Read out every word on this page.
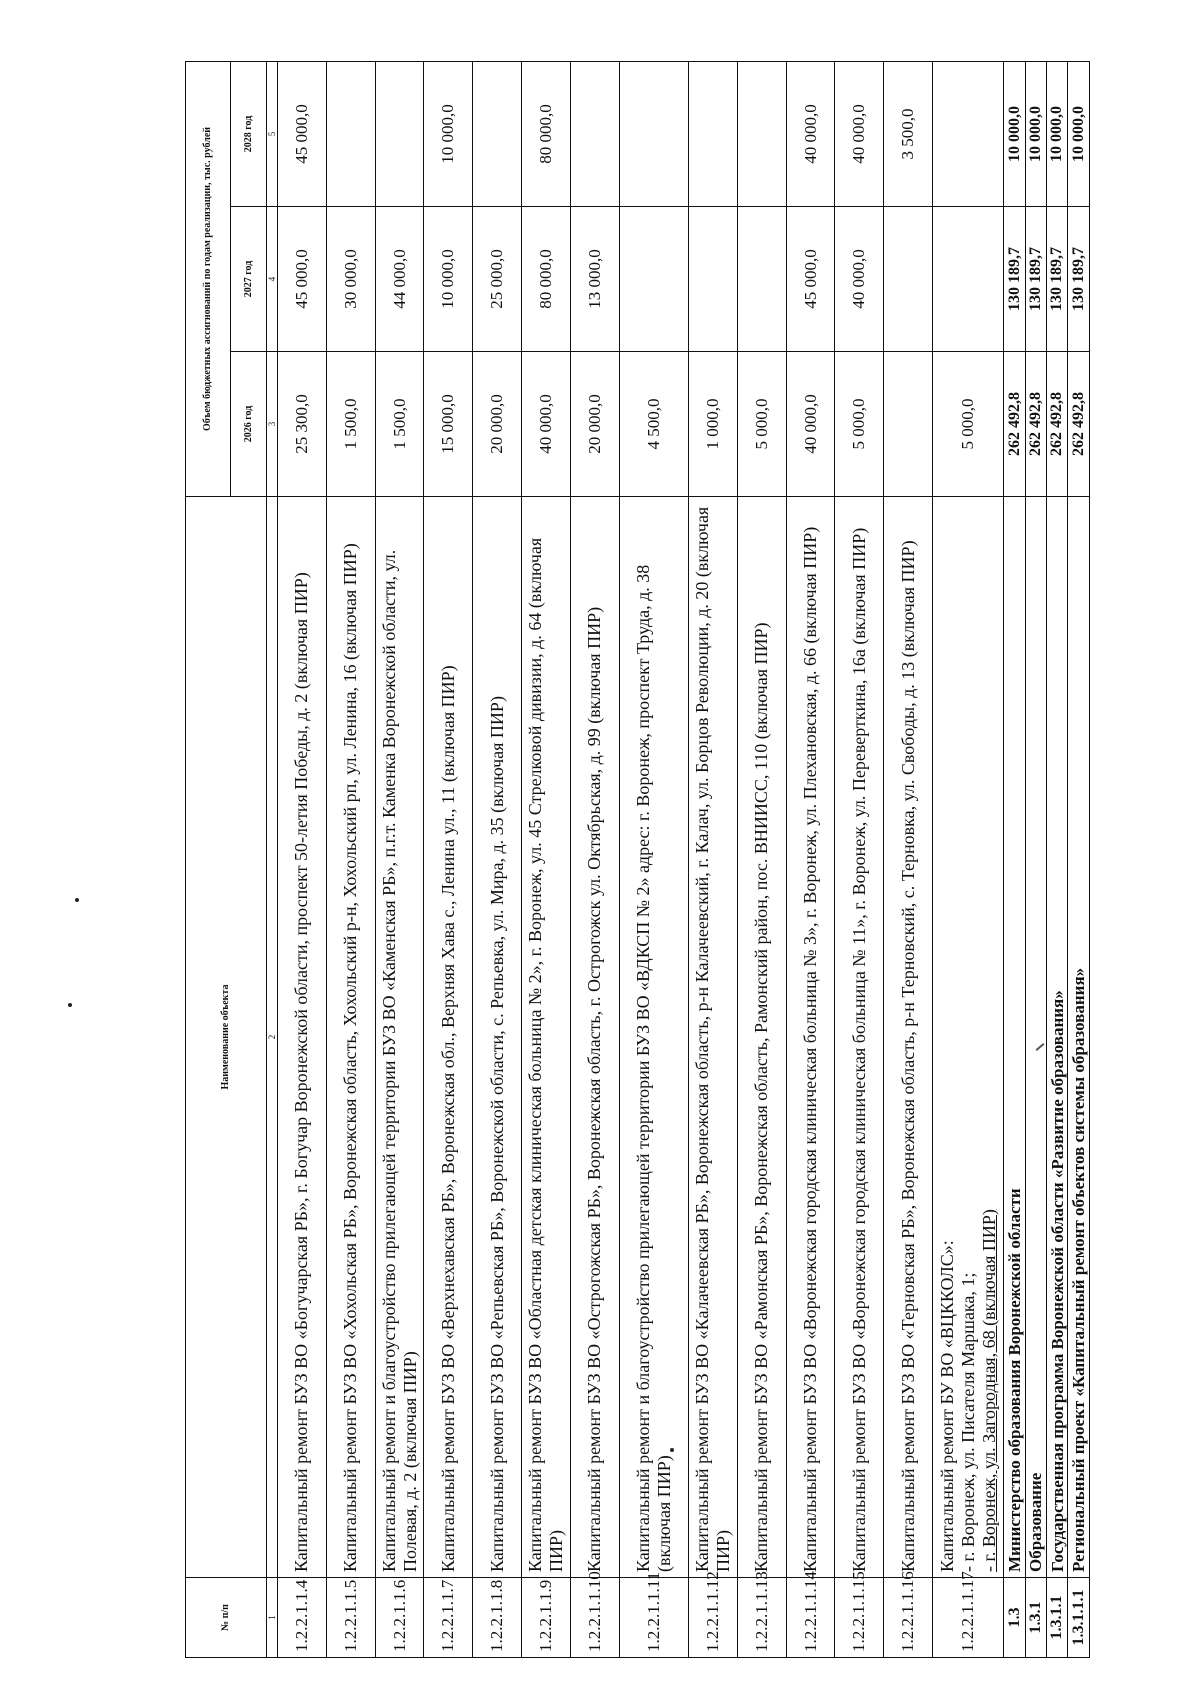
№ п/п	Наименование объекта	Объем бюджетных ассигнований по годам реализации, тыс. рублей		
		2026 год	2027 год	2028 год
1	2	3	4	5
1.2.2.1.1.4	Капитальный ремонт БУЗ ВО «Богучарская РБ», г. Богучар Воронежской области, проспект 50-летия Победы, д. 2 (включая ПИР)	25 300,0	45 000,0	45 000,0
1.2.2.1.1.5	Капитальный ремонт БУЗ ВО «Хохольская РБ», Воронежская область, Хохольский р-н, Хохольский рп, ул. Ленина, 16 (включая ПИР)	1 500,0	30 000,0	
1.2.2.1.1.6	Капитальный ремонт и благоустройство прилегающей территории БУЗ ВО «Каменская РБ», п.г.т. Каменка Воронежской области, ул. Полевая, д. 2 (включая ПИР)	1 500,0	44 000,0	
1.2.2.1.1.7	Капитальный ремонт БУЗ ВО «Верхнехавская РБ», Воронежская обл., Верхняя Хава с., Ленина ул., 11 (включая ПИР)	15 000,0	10 000,0	10 000,0
1.2.2.1.1.8	Капитальный ремонт БУЗ ВО «Репьевская РБ», Воронежской области, с. Репьевка, ул. Мира, д. 35 (включая ПИР)	20 000,0	25 000,0	
1.2.2.1.1.9	Капитальный ремонт БУЗ ВО «Областная детская клиническая больница № 2», г. Воронеж, ул. 45 Стрелковой дивизии, д. 64 (включая ПИР)	40 000,0	80 000,0	80 000,0
1.2.2.1.1.10	Капитальный ремонт БУЗ ВО «Острогожская РБ», Воронежская область, г. Острогожск ул. Октябрьская, д. 99 (включая ПИР)	20 000,0	13 000,0	
1.2.2.1.1.11	Капитальный ремонт и благоустройство прилегающей территории БУЗ ВО «ВДКСП № 2» адрес: г. Воронеж, проспект Труда, д. 38 (включая ПИР)	4 500,0		
1.2.2.1.1.12	Капитальный ремонт БУЗ ВО «Калачеевская РБ», Воронежская область, р-н Калачеевский, г. Калач, ул. Борцов Революции, д. 20 (включая ПИР)	1 000,0		
1.2.2.1.1.13	Капитальный ремонт БУЗ ВО «Рамонская РБ», Воронежская область, Рамонский район, пос. ВНИИСС, 110 (включая ПИР)	5 000,0		
1.2.2.1.1.14	Капитальный ремонт БУЗ ВО «Воронежская городская клиническая больница № 3», г. Воронеж, ул. Плехановская, д. 66 (включая ПИР)	40 000,0	45 000,0	40 000,0
1.2.2.1.1.15	Капитальный ремонт БУЗ ВО «Воронежская городская клиническая больница № 11», г. Воронеж, ул. Переверткина, 16а (включая ПИР)	5 000,0	40 000,0	40 000,0
1.2.2.1.1.16	Капитальный ремонт БУЗ ВО «Терновская РБ», Воронежская область, р-н Терновский, с. Терновка, ул. Свободы, д. 13 (включая ПИР)			3 500,0
1.2.2.1.1.17	Капитальный ремонт БУ ВО «ВЦККОЛС»: - г. Воронеж, ул. Писателя Маршака, 1; - г. Воронеж, ул. Загородная, 68 (включая ПИР)	5 000,0		
1.3	Министерство образования Воронежской области	262 492,8	130 189,7	10 000,0
1.3.1	Образование	262 492,8	130 189,7	10 000,0
1.3.1.1	Государственная программа Воронежской области «Развитие образования»	262 492,8	130 189,7	10 000,0
1.3.1.1.1	Региональный проект «Капитальный ремонт объектов системы образования»	262 492,8	130 189,7	10 000,0
